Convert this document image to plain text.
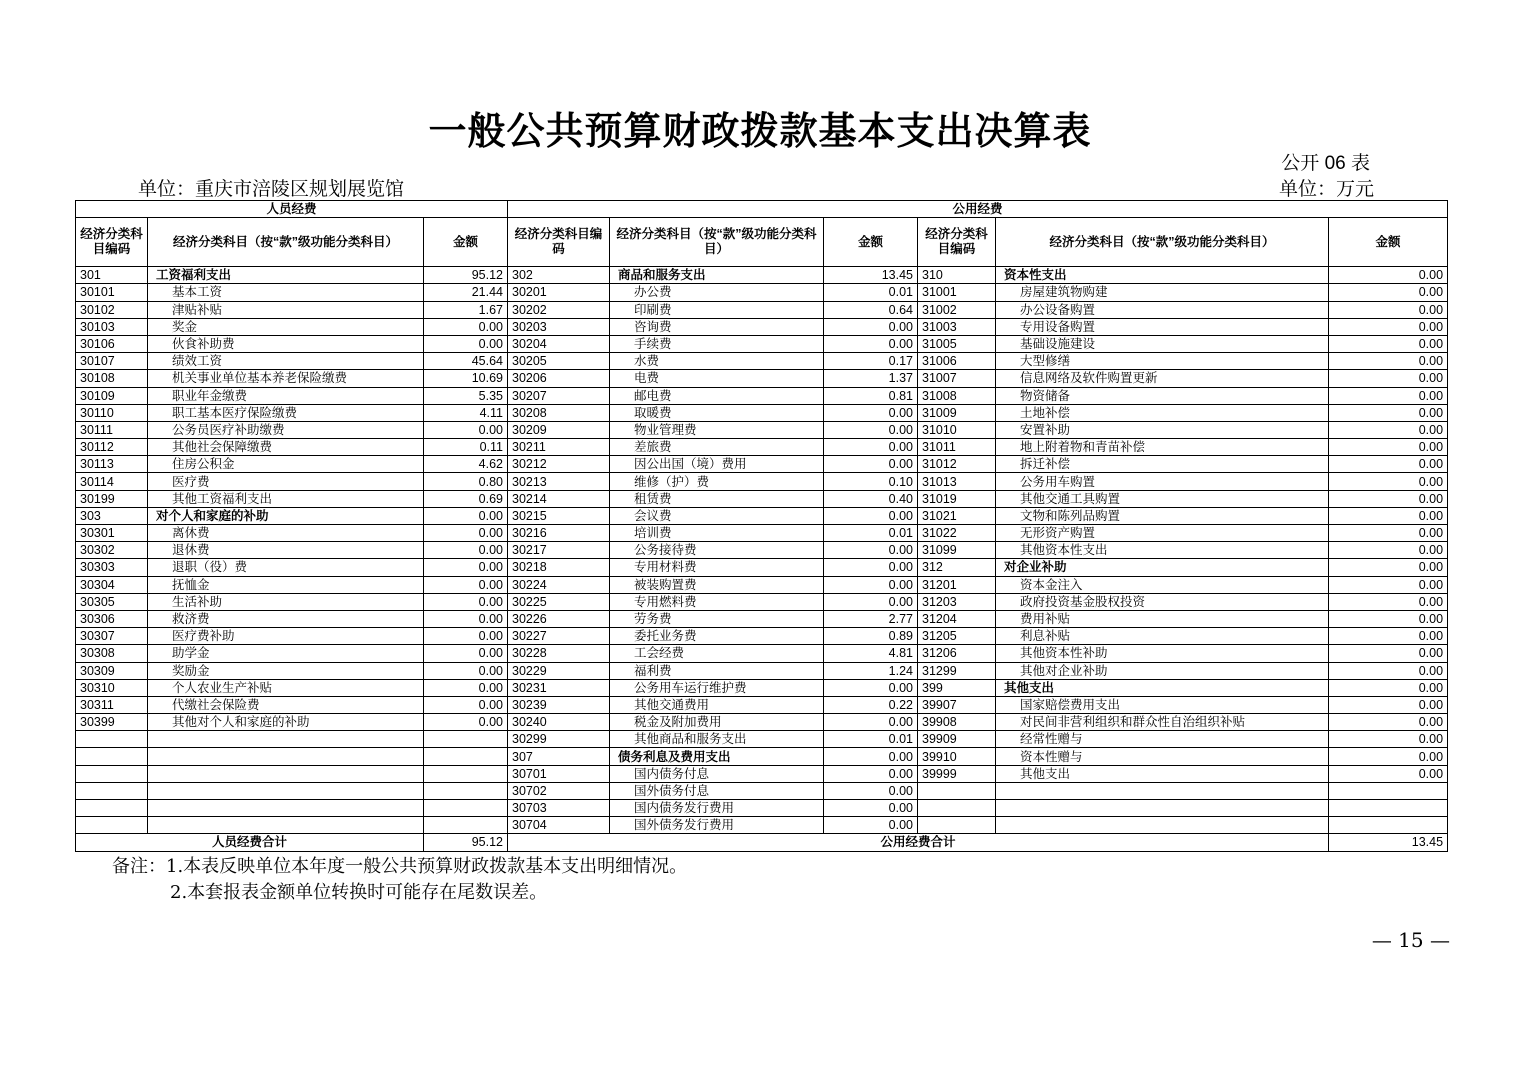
一般公共预算财政拨款基本支出决算表
公开 06 表
单位：重庆市涪陵区规划展览馆	单位：万元
人员经费			公用经费					
经济分类科目编码	经济分类科目（按“款”级功能分类科目）	金额	经济分类科目编码	经济分类科目（按“款”级功能分类科目）	金额	经济分类科目编码	经济分类科目（按“款”级功能分类科目）	金额
301	工资福利支出	95.12	302	商品和服务支出	13.45	310	资本性支出	0.00
30101	基本工资	21.44	30201	办公费	0.01	31001	房屋建筑物购建	0.00
30102	津贴补贴	1.67	30202	印刷费	0.64	31002	办公设备购置	0.00
30103	奖金	0.00	30203	咨询费	0.00	31003	专用设备购置	0.00
30106	伙食补助费	0.00	30204	手续费	0.00	31005	基础设施建设	0.00
30107	绩效工资	45.64	30205	水费	0.17	31006	大型修缮	0.00
30108	机关事业单位基本养老保险缴费	10.69	30206	电费	1.37	31007	信息网络及软件购置更新	0.00
30109	职业年金缴费	5.35	30207	邮电费	0.81	31008	物资储备	0.00
30110	职工基本医疗保险缴费	4.11	30208	取暖费	0.00	31009	土地补偿	0.00
30111	公务员医疗补助缴费	0.00	30209	物业管理费	0.00	31010	安置补助	0.00
30112	其他社会保障缴费	0.11	30211	差旅费	0.00	31011	地上附着物和青苗补偿	0.00
30113	住房公积金	4.62	30212	因公出国（境）费用	0.00	31012	拆迁补偿	0.00
30114	医疗费	0.80	30213	维修（护）费	0.10	31013	公务用车购置	0.00
30199	其他工资福利支出	0.69	30214	租赁费	0.40	31019	其他交通工具购置	0.00
303	对个人和家庭的补助	0.00	30215	会议费	0.00	31021	文物和陈列品购置	0.00
30301	离休费	0.00	30216	培训费	0.01	31022	无形资产购置	0.00
30302	退休费	0.00	30217	公务接待费	0.00	31099	其他资本性支出	0.00
30303	退职（役）费	0.00	30218	专用材料费	0.00	312	对企业补助	0.00
30304	抚恤金	0.00	30224	被装购置费	0.00	31201	资本金注入	0.00
30305	生活补助	0.00	30225	专用燃料费	0.00	31203	政府投资基金股权投资	0.00
30306	救济费	0.00	30226	劳务费	2.77	31204	费用补贴	0.00
30307	医疗费补助	0.00	30227	委托业务费	0.89	31205	利息补贴	0.00
30308	助学金	0.00	30228	工会经费	4.81	31206	其他资本性补助	0.00
30309	奖励金	0.00	30229	福利费	1.24	31299	其他对企业补助	0.00
30310	个人农业生产补贴	0.00	30231	公务用车运行维护费	0.00	399	其他支出	0.00
30311	代缴社会保险费	0.00	30239	其他交通费用	0.22	39907	国家赔偿费用支出	0.00
30399	其他对个人和家庭的补助	0.00	30240	税金及附加费用	0.00	39908	对民间非营利组织和群众性自治组织补贴	0.00
			30299	其他商品和服务支出	0.01	39909	经常性赠与	0.00
			307	债务利息及费用支出	0.00	39910	资本性赠与	0.00
			30701	国内债务付息	0.00	39999	其他支出	0.00
			30702	国外债务付息	0.00			
			30703	国内债务发行费用	0.00			
			30704	国外债务发行费用	0.00			
人员经费合计		95.12	公用经费合计					13.45
备注：1.本表反映单位本年度一般公共预算财政拨款基本支出明细情况。
2.本套报表金额单位转换时可能存在尾数误差。
— 15 —
